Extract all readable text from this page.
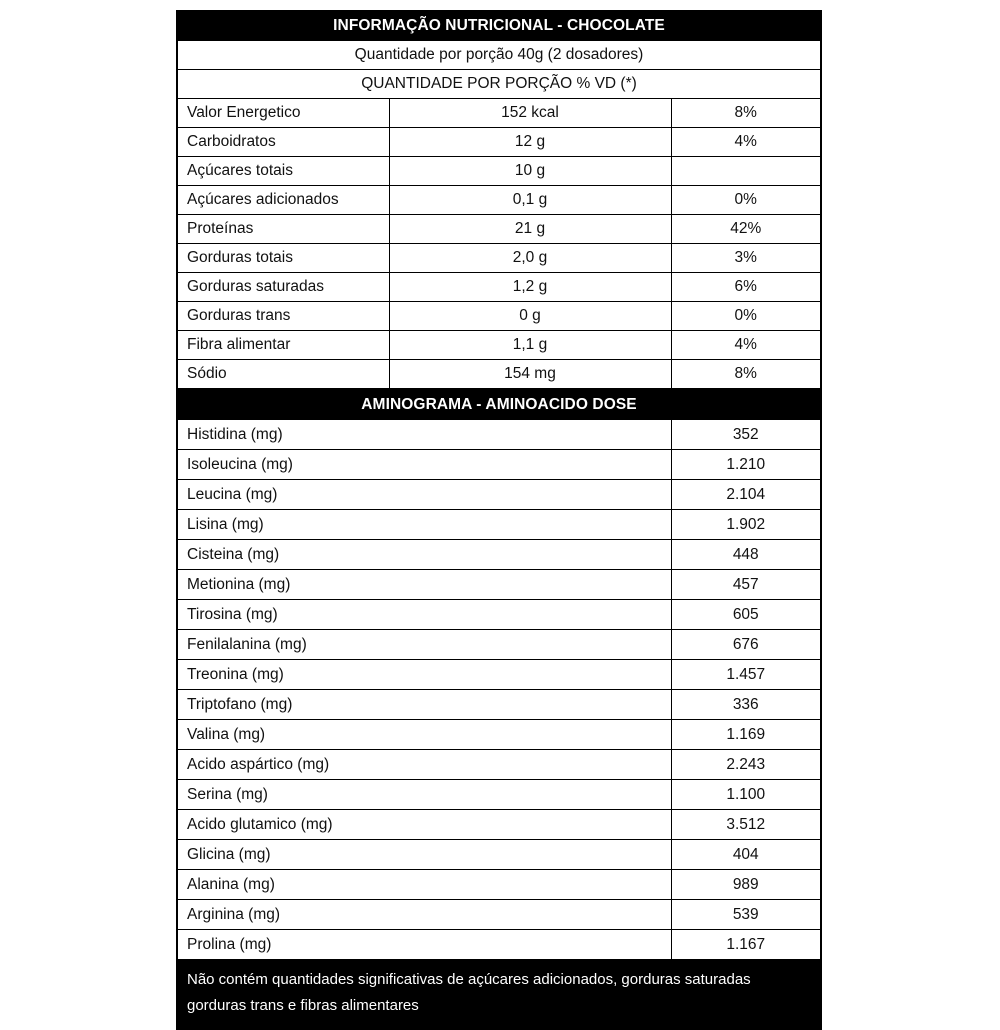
INFORMAÇÃO NUTRICIONAL - CHOCOLATE		
Quantidade por porção 40g (2 dosadores)		
QUANTIDADE POR PORÇÃO % VD (*)		
Valor Energetico	152 kcal	8%
Carboidratos	12 g	4%
Açúcares totais	10 g	
Açúcares adicionados	0,1 g	0%
Proteínas	21 g	42%
Gorduras totais	2,0 g	3%
Gorduras saturadas	1,2 g	6%
Gorduras trans	0 g	0%
Fibra alimentar	1,1 g	4%
Sódio	154 mg	8%
AMINOGRAMA - AMINOACIDO DOSE	
Histidina (mg)	352
Isoleucina (mg)	1.210
Leucina (mg)	2.104
Lisina (mg)	1.902
Cisteina (mg)	448
Metionina (mg)	457
Tirosina (mg)	605
Fenilalanina (mg)	676
Treonina (mg)	1.457
Triptofano (mg)	336
Valina (mg)	1.169
Acido aspártico (mg)	2.243
Serina (mg)	1.100
Acido glutamico (mg)	3.512
Glicina (mg)	404
Alanina (mg)	989
Arginina (mg)	539
Prolina (mg)	1.167
Não contém quantidades significativas de açúcares adicionados, gorduras saturadas
gorduras trans e fibras alimentares
